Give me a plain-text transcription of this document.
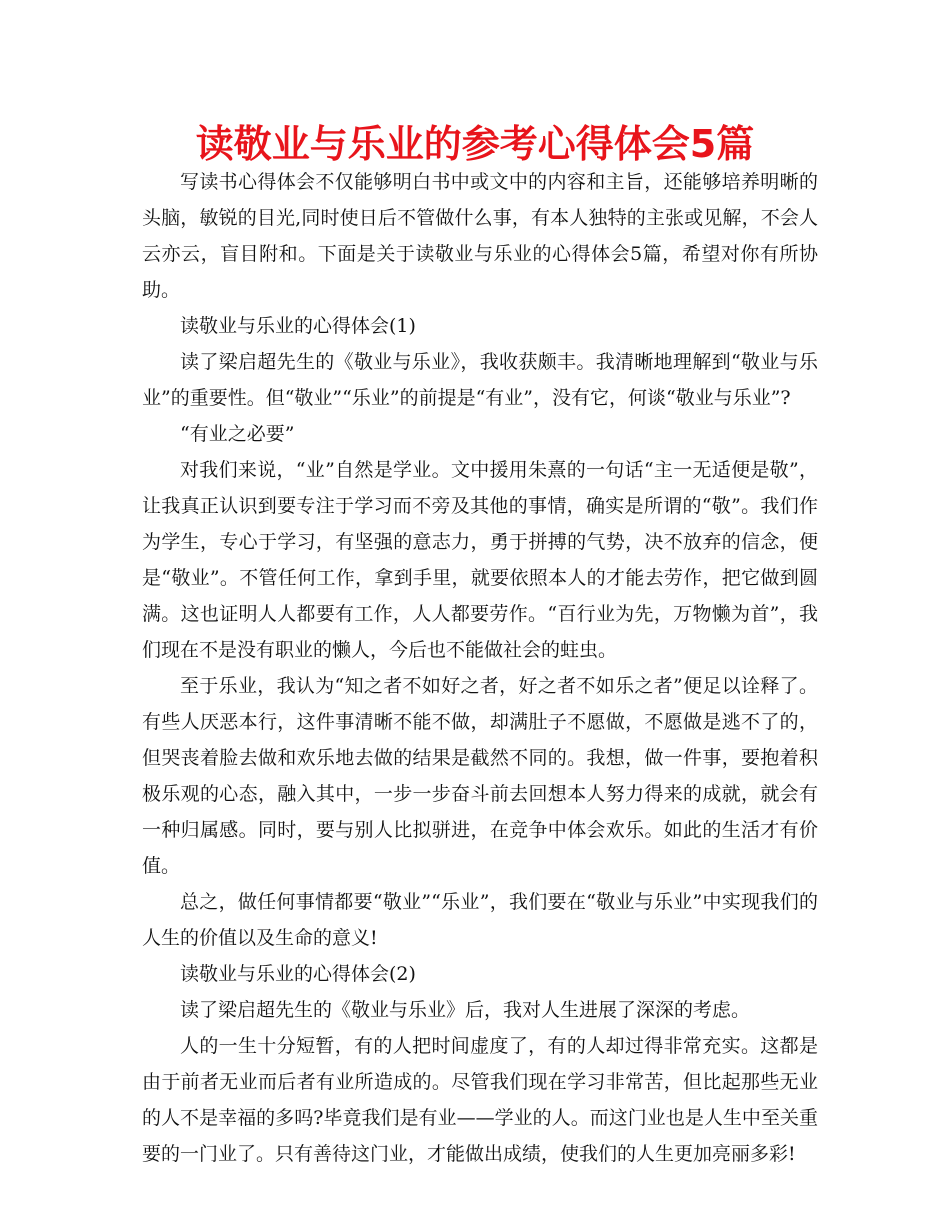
读敬业与乐业的参考心得体会5篇

写读书心得体会不仅能够明白书中或文中的内容和主旨，还能够培养明晰的头脑，敏锐的目光,同时使日后不管做什么事，有本人独特的主张或见解，不会人云亦云，盲目附和。下面是关于读敬业与乐业的心得体会5篇，希望对你有所协助。

读敬业与乐业的心得体会(1)

读了梁启超先生的《敬业与乐业》，我收获颇丰。我清晰地理解到“敬业与乐业”的重要性。但“敬业”“乐业”的前提是“有业”，没有它，何谈“敬业与乐业”?

“有业之必要”

对我们来说，“业”自然是学业。文中援用朱熹的一句话“主一无适便是敬”，让我真正认识到要专注于学习而不旁及其他的事情，确实是所谓的“敬”。我们作为学生，专心于学习，有坚强的意志力，勇于拼搏的气势，决不放弃的信念，便是“敬业”。不管任何工作，拿到手里，就要依照本人的才能去劳作，把它做到圆满。这也证明人人都要有工作，人人都要劳作。“百行业为先，万物懒为首”，我们现在不是没有职业的懒人，今后也不能做社会的蛀虫。

至于乐业，我认为“知之者不如好之者，好之者不如乐之者”便足以诠释了。有些人厌恶本行，这件事清晰不能不做，却满肚子不愿做，不愿做是逃不了的，但哭丧着脸去做和欢乐地去做的结果是截然不同的。我想，做一件事，要抱着积极乐观的心态，融入其中，一步一步奋斗前去回想本人努力得来的成就，就会有一种归属感。同时，要与别人比拟骈进，在竞争中体会欢乐。如此的生活才有价值。

总之，做任何事情都要“敬业”“乐业”，我们要在“敬业与乐业”中实现我们的人生的价值以及生命的意义!

读敬业与乐业的心得体会(2)

读了梁启超先生的《敬业与乐业》后，我对人生进展了深深的考虑。

人的一生十分短暂，有的人把时间虚度了，有的人却过得非常充实。这都是由于前者无业而后者有业所造成的。尽管我们现在学习非常苦，但比起那些无业的人不是幸福的多吗?毕竟我们是有业——学业的人。而这门业也是人生中至关重要的一门业了。只有善待这门业，才能做出成绩，使我们的人生更加亮丽多彩!
